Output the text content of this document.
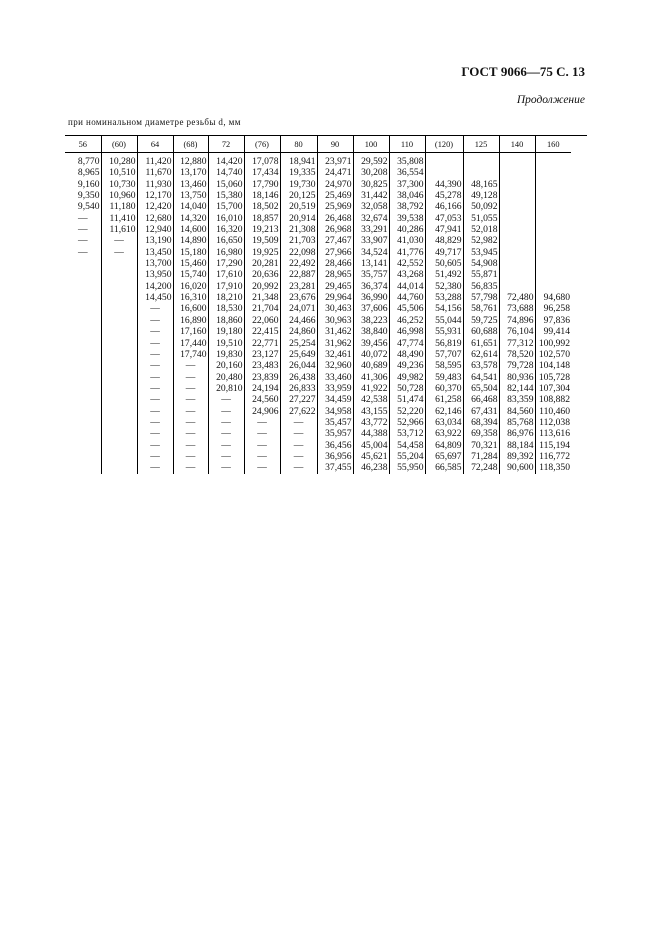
ГОСТ 9066—75 С. 13
Продолжение
при номинальном диаметре резьбы d, мм
56	(60)	64	(68)	72	(76)	80	90	100	110	(120)	125	140	160
8,770	10,280	11,420	12,880	14,420	17,078	18,941	23,971	29,592	35,808				
8,965	10,510	11,670	13,170	14,740	17,434	19,335	24,471	30,208	36,554				
9,160	10,730	11,930	13,460	15,060	17,790	19,730	24,970	30,825	37,300	44,390	48,165		
9,350	10,960	12,170	13,750	15,380	18,146	20,125	25,469	31,442	38,046	45,278	49,128		
9,540	11,180	12,420	14,040	15,700	18,502	20,519	25,969	32,058	38,792	46,166	50,092		
—	11,410	12,680	14,320	16,010	18,857	20,914	26,468	32,674	39,538	47,053	51,055		
—	11,610	12,940	14,600	16,320	19,213	21,308	26,968	33,291	40,286	47,941	52,018		
—	—	13,190	14,890	16,650	19,509	21,703	27,467	33,907	41,030	48,829	52,982		
—	—	13,450	15,180	16,980	19,925	22,098	27,966	34,524	41,776	49,717	53,945		
		13,700	15,460	17,290	20,281	22,492	28,466	13,141	42,552	50,605	54,908		
		13,950	15,740	17,610	20,636	22,887	28,965	35,757	43,268	51,492	55,871		
		14,200	16,020	17,910	20,992	23,281	29,465	36,374	44,014	52,380	56,835		
		14,450	16,310	18,210	21,348	23,676	29,964	36,990	44,760	53,288	57,798	72,480	94,680
		—	16,600	18,530	21,704	24,071	30,463	37,606	45,506	54,156	58,761	73,688	96,258
		—	16,890	18,860	22,060	24,466	30,963	38,223	46,252	55,044	59,725	74,896	97,836
		—	17,160	19,180	22,415	24,860	31,462	38,840	46,998	55,931	60,688	76,104	99,414
		—	17,440	19,510	22,771	25,254	31,962	39,456	47,774	56,819	61,651	77,312	100,992
		—	17,740	19,830	23,127	25,649	32,461	40,072	48,490	57,707	62,614	78,520	102,570
		—	—	20,160	23,483	26,044	32,960	40,689	49,236	58,595	63,578	79,728	104,148
		—	—	20,480	23,839	26,438	33,460	41,306	49,982	59,483	64,541	80,936	105,728
		—	—	20,810	24,194	26,833	33,959	41,922	50,728	60,370	65,504	82,144	107,304
		—	—	—	24,560	27,227	34,459	42,538	51,474	61,258	66,468	83,359	108,882
		—	—	—	24,906	27,622	34,958	43,155	52,220	62,146	67,431	84,560	110,460
		—	—	—	—	—	35,457	43,772	52,966	63,034	68,394	85,768	112,038
		—	—	—	—	—	35,957	44,388	53,712	63,922	69,358	86,976	113,616
		—	—	—	—	—	36,456	45,004	54,458	64,809	70,321	88,184	115,194
		—	—	—	—	—	36,956	45,621	55,204	65,697	71,284	89,392	116,772
		—	—	—	—	—	37,455	46,238	55,950	66,585	72,248	90,600	118,350
